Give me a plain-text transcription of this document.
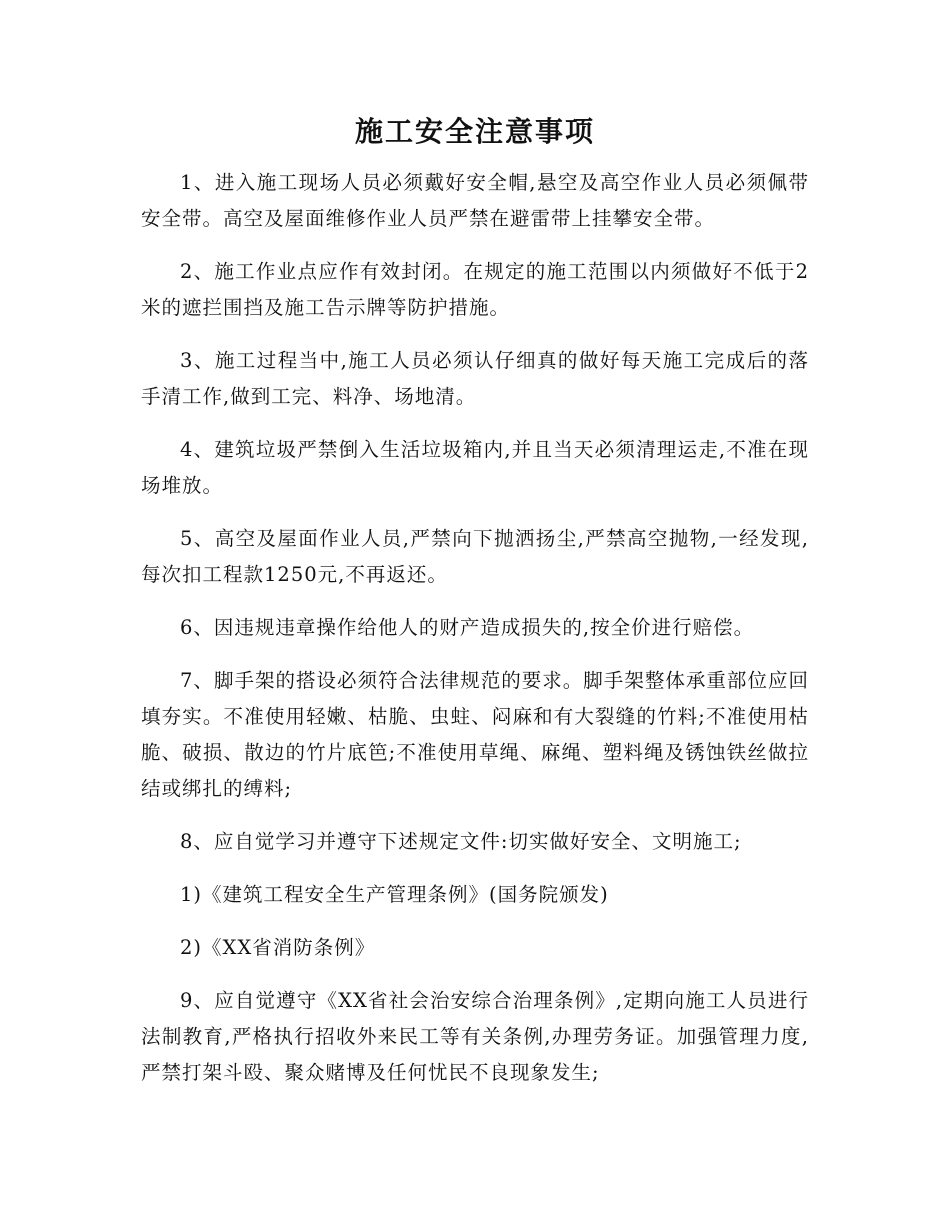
施工安全注意事项

1、进入施工现场人员必须戴好安全帽,悬空及高空作业人员必须佩带安全带。高空及屋面维修作业人员严禁在避雷带上挂攀安全带。

2、施工作业点应作有效封闭。在规定的施工范围以内须做好不低于2米的遮拦围挡及施工告示牌等防护措施。

3、施工过程当中,施工人员必须认仔细真的做好每天施工完成后的落手清工作,做到工完、料净、场地清。

4、建筑垃圾严禁倒入生活垃圾箱内,并且当天必须清理运走,不准在现场堆放。

5、高空及屋面作业人员,严禁向下抛洒扬尘,严禁高空抛物,一经发现,每次扣工程款1250元,不再返还。

6、因违规违章操作给他人的财产造成损失的,按全价进行赔偿。

7、脚手架的搭设必须符合法律规范的要求。脚手架整体承重部位应回填夯实。不准使用轻嫩、枯脆、虫蛀、闷麻和有大裂缝的竹料;不准使用枯脆、破损、散边的竹片底笆;不准使用草绳、麻绳、塑料绳及锈蚀铁丝做拉结或绑扎的缚料;

8、应自觉学习并遵守下述规定文件:切实做好安全、文明施工;

1)《建筑工程安全生产管理条例》(国务院颁发)

2)《XX省消防条例》

9、应自觉遵守《XX省社会治安综合治理条例》,定期向施工人员进行法制教育,严格执行招收外来民工等有关条例,办理劳务证。加强管理力度,严禁打架斗殴、聚众赌博及任何忧民不良现象发生;
